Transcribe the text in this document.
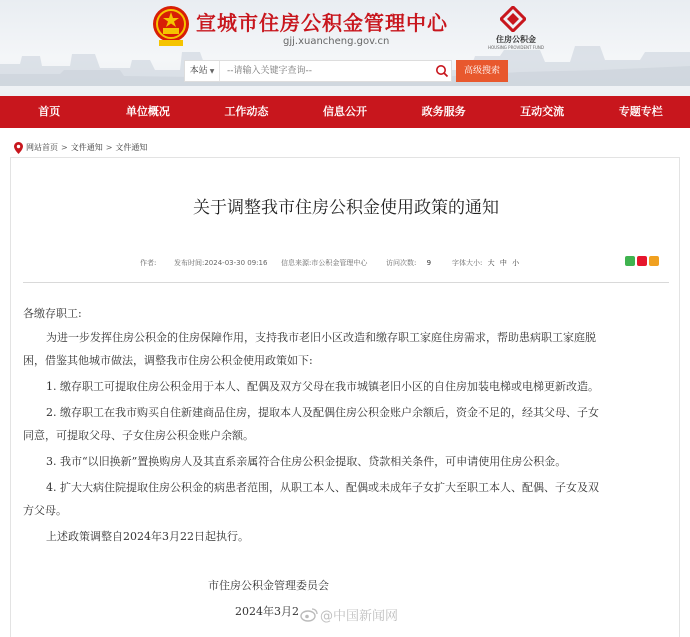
宣城市住房公积金管理中心
gjj.xuancheng.gov.cn	住房公积金
HOUSING PROVIDENT FUND
本站 ▼
--请输入关键字查询--	高级搜索
首页	单位概况	工作动态	信息公开	政务服务	互动交流	专题专栏
网站首页 > 文件通知 > 文件通知
关于调整我市住房公积金使用政策的通知
作者:	发布时间:2024-03-30 09:16 信息来源:市公积金管理中心	访问次数: 9	字体大小: 大 中 小
各缴存职工:
为进一步发挥住房公积金的住房保障作用，支持我市老旧小区改造和缴存职工家庭住房需求，帮助患病职工家庭脱
困，借鉴其他城市做法，调整我市住房公积金使用政策如下:
1. 缴存职工可提取住房公积金用于本人、配偶及双方父母在我市城镇老旧小区的自住房加装电梯或电梯更新改造。
2. 缴存职工在我市购买自住新建商品住房，提取本人及配偶住房公积金账户余额后，资金不足的，经其父母、子女
同意，可提取父母、子女住房公积金账户余额。
3. 我市“以旧换新”置换购房人及其直系亲属符合住房公积金提取、贷款相关条件，可申请使用住房公积金。
4. 扩大大病住院提取住房公积金的病患者范围，从职工本人、配偶或未成年子女扩大至职工本人、配偶、子女及双
方父母。
上述政策调整自2024年3月22日起执行。
市住房公积金管理委员会
2024年3月2 @中国新闻网
